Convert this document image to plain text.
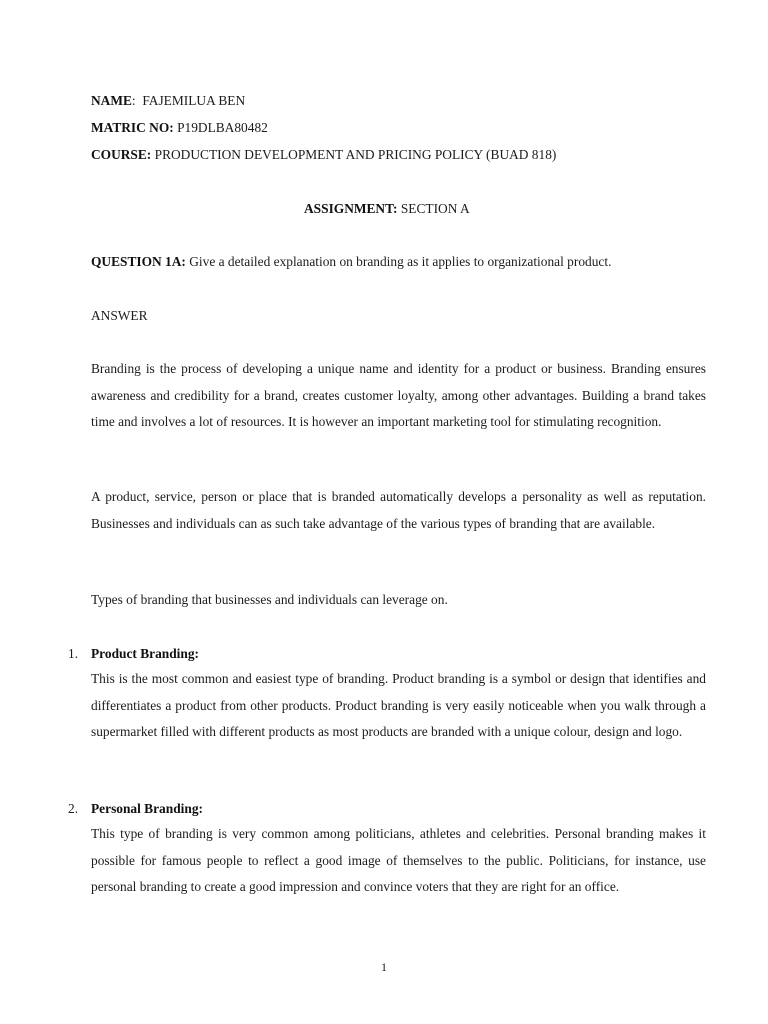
NAME:  FAJEMILUA BEN
MATRIC NO: P19DLBA80482
COURSE: PRODUCTION DEVELOPMENT AND PRICING POLICY (BUAD 818)
ASSIGNMENT: SECTION A
QUESTION 1A: Give a detailed explanation on branding as it applies to organizational product.
ANSWER
Branding is the process of developing a unique name and identity for a product or business. Branding ensures awareness and credibility for a brand, creates customer loyalty, among other advantages. Building a brand takes time and involves a lot of resources. It is however an important marketing tool for stimulating recognition.
A product, service, person or place that is branded automatically develops a personality as well as reputation. Businesses and individuals can as such take advantage of the various types of branding that are available.
Types of branding that businesses and individuals can leverage on.
1. Product Branding:
This is the most common and easiest type of branding. Product branding is a symbol or design that identifies and differentiates a product from other products. Product branding is very easily noticeable when you walk through a supermarket filled with different products as most products are branded with a unique colour, design and logo.
2. Personal Branding:
This type of branding is very common among politicians, athletes and celebrities. Personal branding makes it possible for famous people to reflect a good image of themselves to the public. Politicians, for instance, use personal branding to create a good impression and convince voters that they are right for an office.
1
